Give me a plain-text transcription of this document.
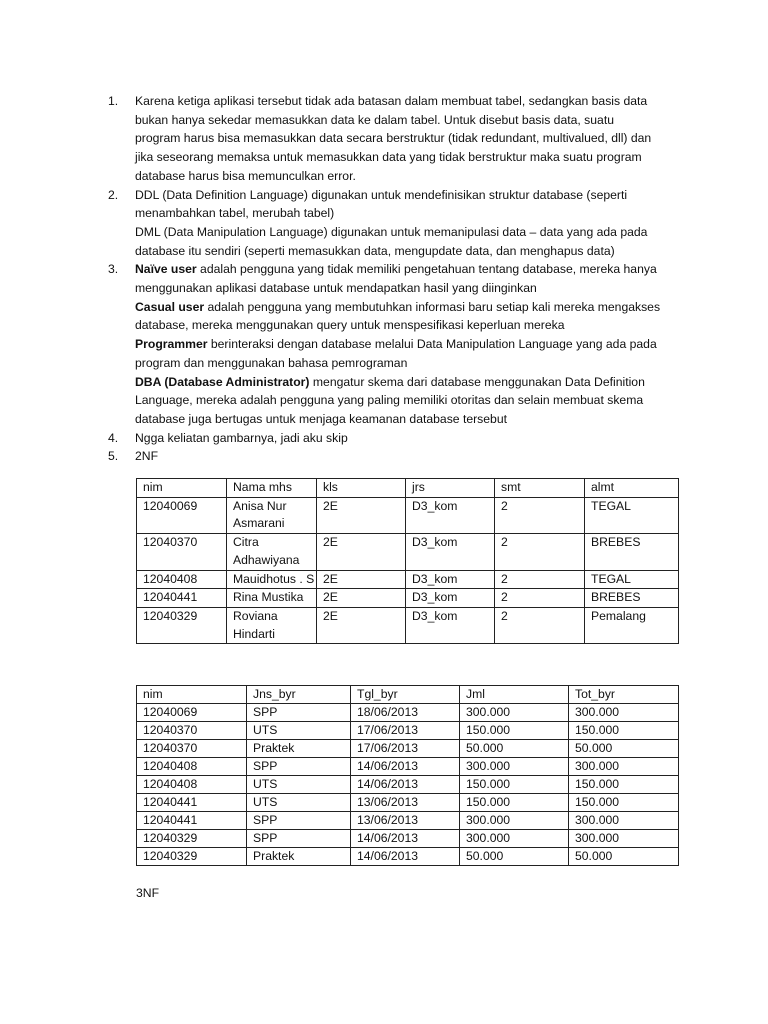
1. Karena ketiga aplikasi tersebut tidak ada batasan dalam membuat tabel, sedangkan basis data
bukan hanya sekedar memasukkan data ke dalam tabel. Untuk disebut basis data, suatu
program harus bisa memasukkan data secara berstruktur (tidak redundant, multivalued, dll) dan
jika seseorang memaksa untuk memasukkan data yang tidak berstruktur maka suatu program
database harus bisa memunculkan error.
2. DDL (Data Definition Language) digunakan untuk mendefinisikan struktur database (seperti
menambahkan tabel, merubah tabel)
DML (Data Manipulation Language) digunakan untuk memanipulasi data – data yang ada pada
database itu sendiri (seperti memasukkan data, mengupdate data, dan menghapus data)
3. Naïve user adalah pengguna yang tidak memiliki pengetahuan tentang database, mereka hanya
menggunakan aplikasi database untuk mendapatkan hasil yang diinginkan
Casual user adalah pengguna yang membutuhkan informasi baru setiap kali mereka mengakses
database, mereka menggunakan query untuk menspesifikasi keperluan mereka
Programmer berinteraksi dengan database melalui Data Manipulation Language yang ada pada
program dan menggunakan bahasa pemrograman
DBA (Database Administrator) mengatur skema dari database menggunakan Data Definition
Language, mereka adalah pengguna yang paling memiliki otoritas dan selain membuat skema
database juga bertugas untuk menjaga keamanan database tersebut
4. Ngga keliatan gambarnya, jadi aku skip
5. 2NF
nim	Nama mhs	kls	jrs	smt	almt
12040069	Anisa Nur Asmarani	2E	D3_kom	2	TEGAL
12040370	Citra Adhawiyana	2E	D3_kom	2	BREBES
12040408	Mauidhotus . S	2E	D3_kom	2	TEGAL
12040441	Rina Mustika	2E	D3_kom	2	BREBES
12040329	Roviana Hindarti	2E	D3_kom	2	Pemalang
nim	Jns_byr	Tgl_byr	Jml	Tot_byr
12040069	SPP	18/06/2013	300.000	300.000
12040370	UTS	17/06/2013	150.000	150.000
12040370	Praktek	17/06/2013	50.000	50.000
12040408	SPP	14/06/2013	300.000	300.000
12040408	UTS	14/06/2013	150.000	150.000
12040441	UTS	13/06/2013	150.000	150.000
12040441	SPP	13/06/2013	300.000	300.000
12040329	SPP	14/06/2013	300.000	300.000
12040329	Praktek	14/06/2013	50.000	50.000
3NF
